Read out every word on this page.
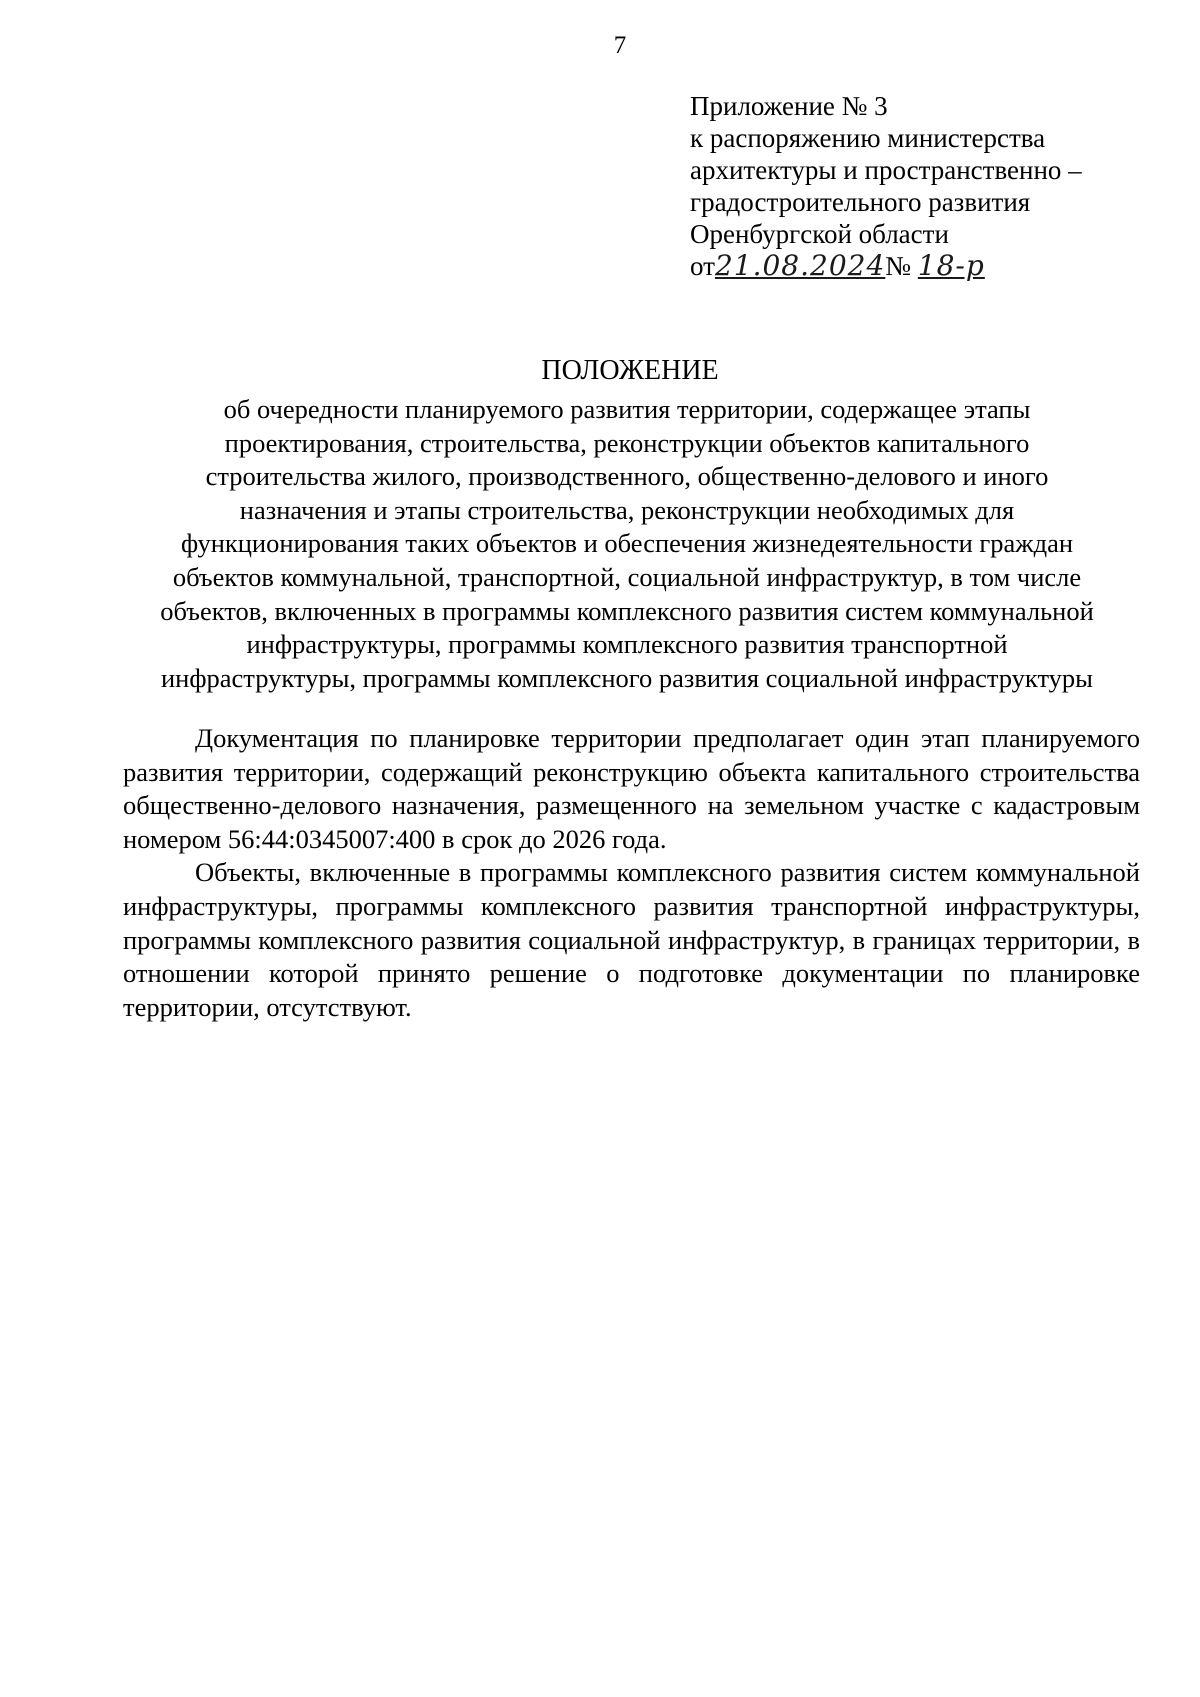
7
Приложение № 3
к распоряжению министерства
архитектуры и пространственно –
градостроительного развития
Оренбургской области
от21.08.2024№ 18-р
ПОЛОЖЕНИЕ
об очередности планируемого развития территории, содержащее этапы
проектирования, строительства, реконструкции объектов капитального
строительства жилого, производственного, общественно-делового и иного
назначения и этапы строительства, реконструкции необходимых для
функционирования таких объектов и обеспечения жизнедеятельности граждан
объектов коммунальной, транспортной, социальной инфраструктур, в том числе
объектов, включенных в программы комплексного развития систем коммунальной
инфраструктуры, программы комплексного развития транспортной
инфраструктуры, программы комплексного развития социальной инфраструктуры

Документация по планировке территории предполагает один этап планируемого развития территории, содержащий реконструкцию объекта капитального строительства общественно-делового назначения, размещенного на земельном участке с кадастровым номером 56:44:0345007:400 в срок до 2026 года.

Объекты, включенные в программы комплексного развития систем коммунальной инфраструктуры, программы комплексного развития транспортной инфраструктуры, программы комплексного развития социальной инфраструктур, в границах территории, в отношении которой принято решение о подготовке документации по планировке территории, отсутствуют.
